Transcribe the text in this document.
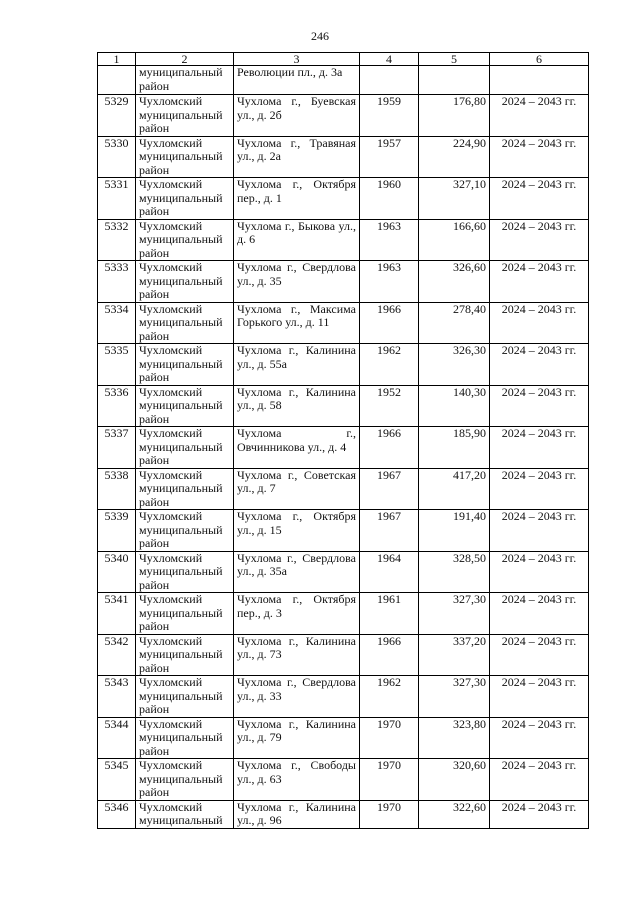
246
1	2	3	4	5	6
	муниципальный район	Революции пл., д. 3а			
5329	Чухломский муниципальный район	Чухлома г., Буевская ул., д. 2б	1959	176,80	2024 – 2043 гг.
5330	Чухломский муниципальный район	Чухлома г., Травяная ул., д. 2а	1957	224,90	2024 – 2043 гг.
5331	Чухломский муниципальный район	Чухлома г., Октября пер., д. 1	1960	327,10	2024 – 2043 гг.
5332	Чухломский муниципальный район	Чухлома г., Быкова ул., д. 6	1963	166,60	2024 – 2043 гг.
5333	Чухломский муниципальный район	Чухлома г., Свердлова ул., д. 35	1963	326,60	2024 – 2043 гг.
5334	Чухломский муниципальный район	Чухлома г., Максима Горького ул., д. 11	1966	278,40	2024 – 2043 гг.
5335	Чухломский муниципальный район	Чухлома г., Калинина ул., д. 55а	1962	326,30	2024 – 2043 гг.
5336	Чухломский муниципальный район	Чухлома г., Калинина ул., д. 58	1952	140,30	2024 – 2043 гг.
5337	Чухломский муниципальный район	Чухлома г., Овчинникова ул., д. 4	1966	185,90	2024 – 2043 гг.
5338	Чухломский муниципальный район	Чухлома г., Советская ул., д. 7	1967	417,20	2024 – 2043 гг.
5339	Чухломский муниципальный район	Чухлома г., Октября ул., д. 15	1967	191,40	2024 – 2043 гг.
5340	Чухломский муниципальный район	Чухлома г., Свердлова ул., д. 35а	1964	328,50	2024 – 2043 гг.
5341	Чухломский муниципальный район	Чухлома г., Октября пер., д. 3	1961	327,30	2024 – 2043 гг.
5342	Чухломский муниципальный район	Чухлома г., Калинина ул., д. 73	1966	337,20	2024 – 2043 гг.
5343	Чухломский муниципальный район	Чухлома г., Свердлова ул., д. 33	1962	327,30	2024 – 2043 гг.
5344	Чухломский муниципальный район	Чухлома г., Калинина ул., д. 79	1970	323,80	2024 – 2043 гг.
5345	Чухломский муниципальный район	Чухлома г., Свободы ул., д. 63	1970	320,60	2024 – 2043 гг.
5346	Чухломский муниципальный	Чухлома г., Калинина ул., д. 96	1970	322,60	2024 – 2043 гг.
